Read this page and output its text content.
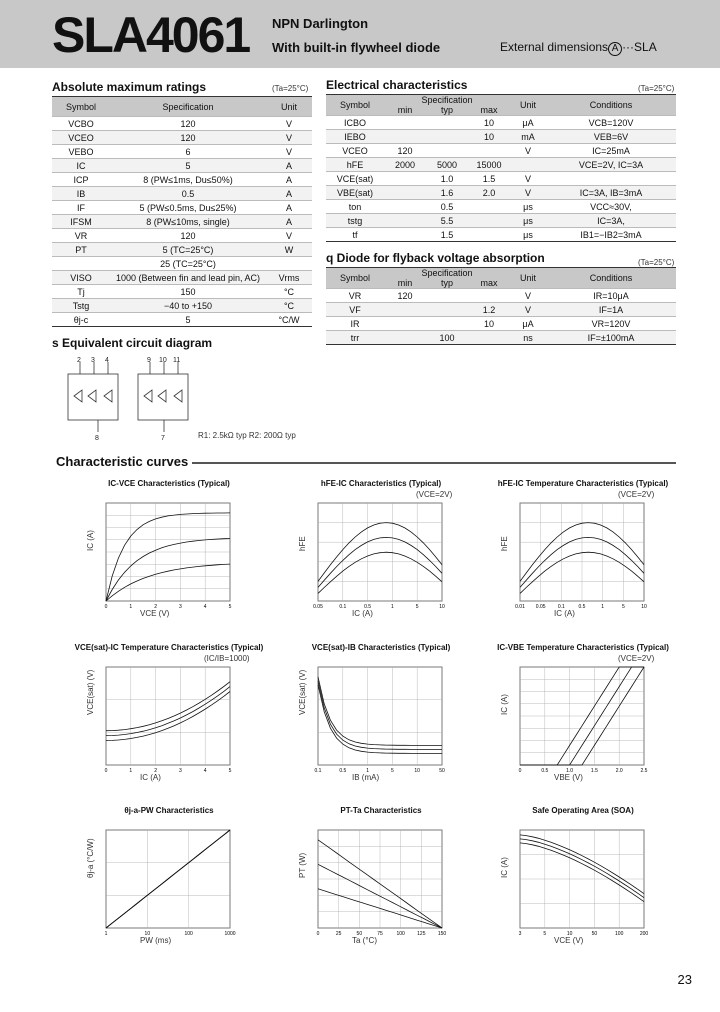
SLA4061 NPN Darlington
With built-in flywheel diode	External dimensions A ···SLA
Absolute maximum ratings	(Ta=25°C)
Symbol	Specification	Unit
VCBO	120	V
VCEO	120	V
VEBO	6	V
IC	5	A
ICP	8 (PW≤1ms, Du≤50%)	A
IB	0.5	A
IF	5 (PW≤0.5ms, Du≤25%)	A
IFSM	8 (PW≤10ms, single)	A
VR	120	V
PT	5 (TC=25°C)	W
	25 (TC=25°C)	
VISO	1000 (Between fin and lead pin, AC)	Vrms
Tj	150	°C
Tstg	−40 to +150	°C
θj-c	5	°C/W
Electrical characteristics	(Ta=25°C)
Symbol	Specification			Unit	Conditions
	min	typ	max		
ICBO			10	μA	VCB=120V
IEBO			10	mA	VEB=6V
VCEO	120			V	IC=25mA
hFE	2000	5000	15000		VCE=2V, IC=3A
VCE(sat)		1.0	1.5	V	
VBE(sat)		1.6	2.0	V	IC=3A, IB=3mA
ton		0.5		μs	VCC≈30V,
tstg		5.5		μs	IC=3A,
tf		1.5		μs	IB1=−IB2=3mA
q Diode for flyback voltage absorption	(Ta=25°C)
Symbol	Specification			Unit	Conditions
	min	typ	max		
VR	120			V	IR=10μA
VF			1.2	V	IF=1A
IR			10	μA	VR=120V
trr		100		ns	IF=±100mA
s Equivalent circuit diagram
2 3 4	9 10 11
8	7	R1: 2.5kΩ typ R2: 200Ω typ
Characteristic curves
IC-VCE Characteristics (Typical)
0	1	2	3	4	5
VCE (V)
IC (A)
hFE-IC Characteristics (Typical)
0.05	0.1	0.5	1	5	10
IC (A)
hFE
(VCE=2V)
hFE-IC Temperature Characteristics (Typical)
0.01 0.05 0.1	0.5	1	5	10
IC (A)
hFE
(VCE=2V)
VCE(sat)-IC Temperature Characteristics (Typical)
0	1	2	3	4	5
IC (A)
VCE(sat) (V)
(IC/IB=1000)
VCE(sat)-IB Characteristics (Typical)
0.1	0.5	1	5	10	50
IB (mA)
VCE(sat) (V)
IC-VBE Temperature Characteristics (Typical)
0	0.5	1.0	1.5	2.0	2.5
VBE (V)
IC (A)
(VCE=2V)
θj-a-PW Characteristics
1	10	100	1000
PW (ms)
θj-a (°C/W)
PT-Ta Characteristics
0	25	50	75	100 125 150
Ta (°C)
PT (W)
Safe Operating Area (SOA)
3	5	10	50	100	200
VCE (V)
IC (A)
23
